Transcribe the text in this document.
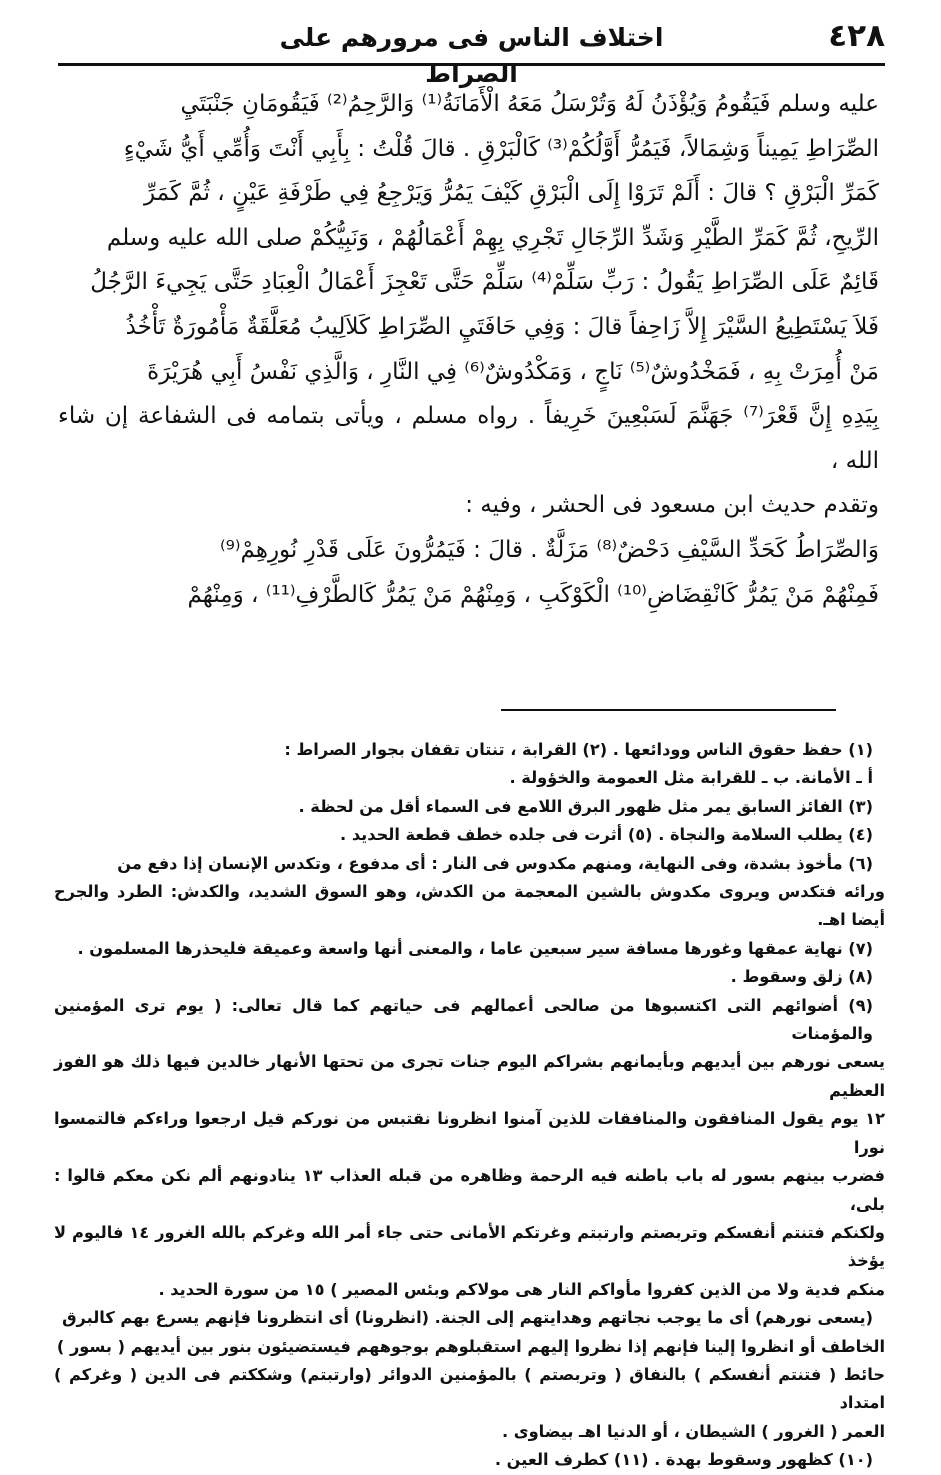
٤٢٨
اختلاف الناس فى مرورهم على الصراط

عليه وسلم فَيَقُومُ وَيُؤْذَنُ لَهُ وَتُرْسَلُ مَعَهُ الْأَمَانَةُ⁽¹⁾ وَالرَّحِمُ⁽²⁾ فَيَقُومَانِ جَنْبَتَيِ

الصِّرَاطِ يَمِيناً وَشِمَالاً، فَيَمُرُّ أَوَّلُكُمْ⁽³⁾ كَالْبَرْقِ . قالَ قُلْتُ : بِأَبِي أَنْتَ وَأُمِّي أَيُّ شَيْءٍ

كَمَرِّ الْبَرْقِ ؟ قالَ : أَلَمْ تَرَوْا إِلَى الْبَرْقِ كَيْفَ يَمُرُّ وَيَرْجِعُ فِي طَرْفَةِ عَيْنٍ ، ثُمَّ كَمَرِّ

الرِّيحِ، ثُمَّ كَمَرِّ الطَّيْرِ وَشَدِّ الرِّجَالِ تَجْرِي بِهِمْ أَعْمَالُهُمْ ، وَنَبِيُّكُمْ صلى الله عليه وسلم

قَائِمٌ عَلَى الصِّرَاطِ يَقُولُ : رَبِّ سَلِّمْ⁽⁴⁾ سَلِّمْ حَتَّى تَعْجِزَ أَعْمَالُ الْعِبَادِ حَتَّى يَجِيءَ الرَّجُلُ

فَلاَ يَسْتَطِيعُ السَّيْرَ إِلاَّ زَاحِفاً قالَ : وَفِي حَافَتَيِ الصِّرَاطِ كَلاَلِيبُ مُعَلَّقَةٌ مَأْمُورَةٌ تَأْخُذُ

مَنْ أُمِرَتْ بِهِ ، فَمَخْدُوشٌ⁽⁵⁾ نَاجٍ ، وَمَكْدُوشٌ⁽⁶⁾ فِي النَّارِ ، وَالَّذِي نَفْسُ أَبِي هُرَيْرَةَ

بِيَدِهِ إِنَّ قَعْرَ⁽⁷⁾ جَهَنَّمَ لَسَبْعِينَ خَرِيفاً . رواه مسلم ، ويأتى بتمامه فى الشفاعة إن شاء الله ،

وتقدم حديث ابن مسعود فى الحشر ، وفيه :

وَالصِّرَاطُ كَحَدِّ السَّيْفِ دَحْضٌ⁽⁸⁾ مَزَلَّةٌ . قالَ : فَيَمُرُّونَ عَلَى قَدْرِ نُورِهِمْ⁽⁹⁾

فَمِنْهُمْ مَنْ يَمُرُّ كَانْقِضَاضِ⁽¹⁰⁾ الْكَوْكَبِ ، وَمِنْهُمْ مَنْ يَمُرُّ كَالطَّرْفِ⁽¹¹⁾ ، وَمِنْهُمْ

(١) حفظ حقوق الناس وودائعها . (٢) القرابة ، تنتان تقفان بجوار الصراط :

أ ـ الأمانة. ب ـ للقرابة مثل العمومة والخؤولة .

(٣) الفائز السابق يمر مثل ظهور البرق اللامع فى السماء أقل من لحظة .

(٤) يطلب السلامة والنجاة . (٥) أثرت فى جلده خطف قطعة الحديد .

(٦) مأخوذ بشدة، وفى النهاية، ومنهم مكدوس فى النار : أى مدفوع ، وتكدس الإنسان إذا دفع من

ورائه فتكدس ويروى مكدوش بالشين المعجمة من الكدش، وهو السوق الشديد، والكدش: الطرد والجرح أيضا اهـ.

(٧) نهاية عمقها وغورها مسافة سير سبعين عاما ، والمعنى أنها واسعة وعميقة فليحذرها المسلمون .

(٨) زلق وسقوط .

(٩) أضوائهم التى اكتسبوها من صالحى أعمالهم فى حياتهم كما قال تعالى: ( يوم ترى المؤمنين والمؤمنات

يسعى نورهم بين أيديهم وبأيمانهم بشراكم اليوم جنات تجرى من تحتها الأنهار خالدين فيها ذلك هو الفوز العظيم

١٢ يوم يقول المنافقون والمنافقات للذين آمنوا انظرونا نقتبس من نوركم قيل ارجعوا وراءكم فالتمسوا نورا

فضرب بينهم بسور له باب باطنه فيه الرحمة وظاهره من قبله العذاب ١٣ ينادونهم ألم نكن معكم قالوا : بلى،

ولكنكم فتنتم أنفسكم وتربصتم وارتبتم وغرتكم الأمانى حتى جاء أمر الله وغركم بالله الغرور ١٤ فاليوم لا يؤخذ

منكم فدية ولا من الذين كفروا مأواكم النار هى مولاكم وبئس المصير ) ١٥ من سورة الحديد .

(يسعى نورهم) أى ما يوجب نجاتهم وهدايتهم إلى الجنة. (انظرونا) أى انتظرونا فإنهم يسرع بهم كالبرق

الخاطف أو انظروا إلينا فإنهم إذا نظروا إليهم استقبلوهم بوجوههم فيستضيئون بنور بين أيديهم ( بسور )

حائط ( فتنتم أنفسكم ) بالنفاق ( وتربصتم ) بالمؤمنين الدوائر (وارتبتم) وشككتم فى الدين ( وغركم ) امتداد

العمر ( الغرور ) الشيطان ، أو الدنيا اهـ بيضاوى .

(١٠) كظهور وسقوط بهدة . (١١) كطرف العين .
